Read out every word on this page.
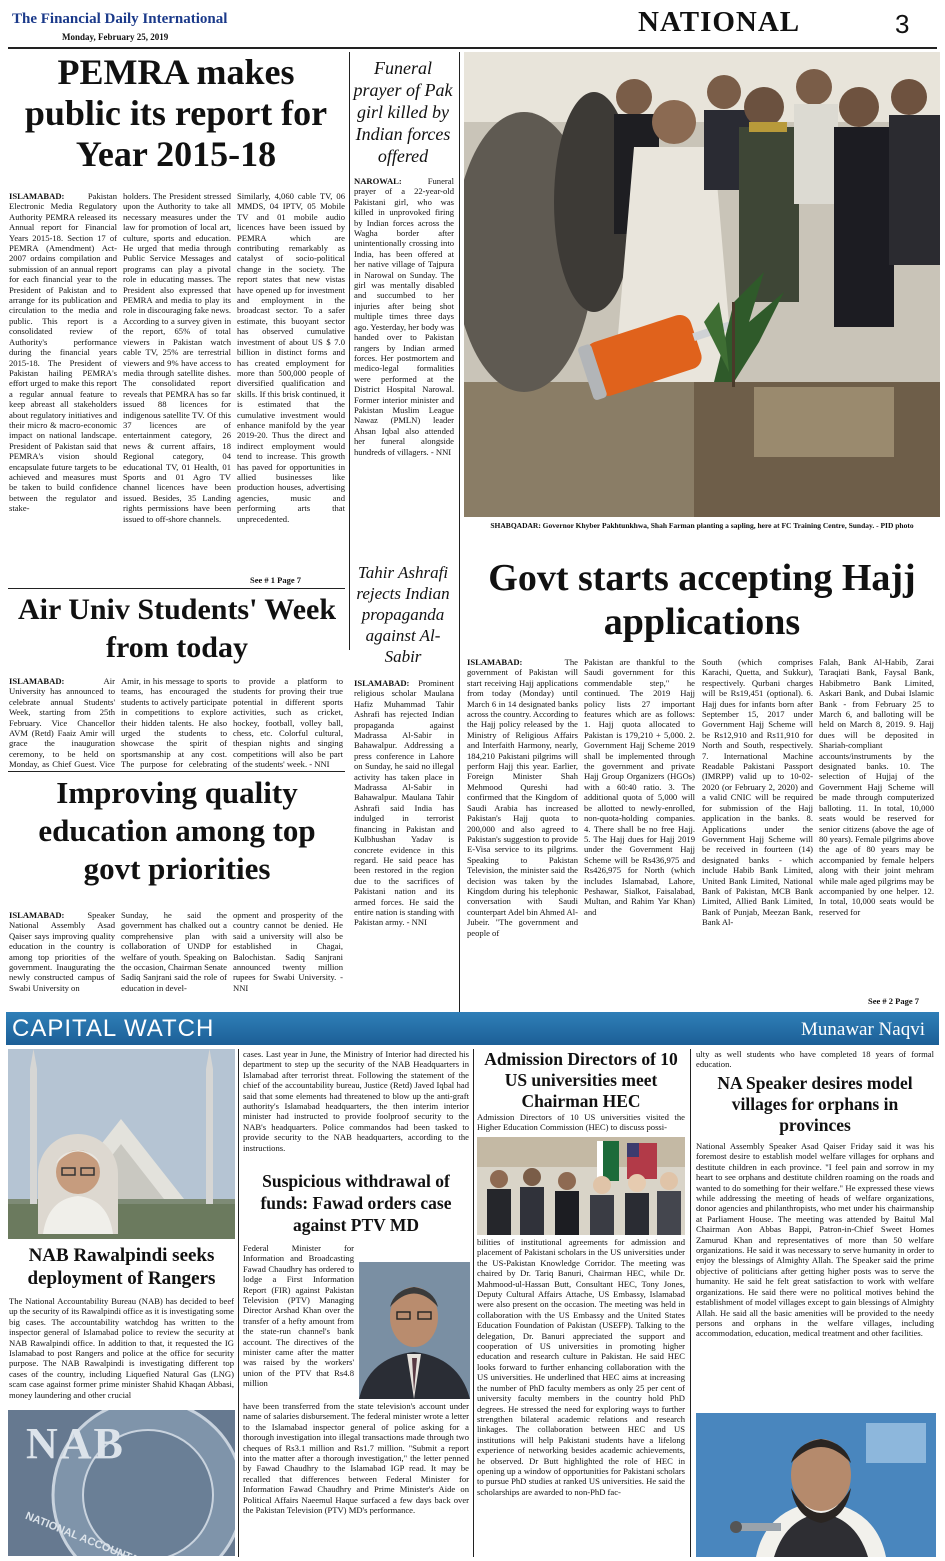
The Financial Daily International
Monday, February 25, 2019	NATIONAL	3
PEMRA makes public its report for Year 2015-18

ISLAMABAD:	Pakistan Electronic Media Regulatory Authority PEMRA released its Annual report for Financial Years 2015-18. Section 17 of PEMRA (Amendment) Act-2007 ordains compilation and submission of an annual report for each financial year to the President of Pakistan and to arrange for its publication and circulation to the media and public. This report is a consolidated review of Authority's performance during the financial years 2015-18. The President of Pakistan hailing PEMRA's effort urged to make this report a regular annual feature to keep abreast all stakeholders about regulatory initiatives and their micro & macro-economic impact on national landscape. President of Pakistan said that PEMRA's vision should encapsulate future targets to be achieved and measures must be taken to build confidence between the regulator and stake-

holders. The President stressed upon the Authority to take all necessary measures under the law for promotion of local art, culture, sports and education. He urged that media through Public Service Messages and programs can play a pivotal role in educating masses. The President also expressed that PEMRA and media to play its role in discouraging fake news. According to a survey given in the report, 65% of total viewers in Pakistan watch cable TV, 25% are terrestrial viewers and 9% have access to media through satellite dishes. The consolidated report reveals that PEMRA has so far issued 88 licences for indigenous satellite TV. Of this 37 licences are of entertainment category, 26 news & current affairs, 18 Regional category, 04 educational TV, 01 Health, 01 Sports and 01 Agro TV channel licences have been issued. Besides, 35 Landing rights permissions have been issued to off-shore channels.

Similarly, 4,060 cable TV, 06 MMDS, 04 IPTV, 05 Mobile TV and 01 mobile audio licences have been issued by PEMRA which are contributing remarkably as catalyst of socio-political change in the society. The report states that new vistas have opened up for investment and employment in the broadcast sector. To a safer estimate, this buoyant sector has observed cumulative investment of about US $ 7.0 billion in distinct forms and has created employment for more than 500,000 people of diversified qualification and skills. If this brisk continued, it is estimated that the cumulative investment would enhance manifold by the year 2019-20. Thus the direct and indirect employment would tend to increase. This growth has paved for opportunities in allied businesses like production houses, advertising agencies, music and performing arts that unprecedented.

See # 1 Page 7
Funeral prayer of Pak girl killed by Indian forces offered

NAROWAL:	Funeral prayer of a 22-year-old Pakistani girl, who was killed in unprovoked firing by Indian forces across the Wagha border after unintentionally crossing into India, has been offered at her native village of Tajpura in Narowal on Sunday. The girl was mentally disabled and succumbed to her injuries after being shot multiple times three days ago. Yesterday, her body was handed over to Pakistan rangers by Indian armed forces. Her postmortem and medico-legal formalities were performed at the District Hospital Narowal. Former interior minister and Pakistan Muslim League Nawaz (PMLN) leader Ahsan Iqbal also attended her funeral alongside hundreds of villagers. - NNI

SHABQADAR: Governor Khyber Pakhtunkhwa, Shah Farman planting a sapling, here at FC Training Centre, Sunday. - PID photo
Air Univ Students' Week from today

ISLAMABAD:	Air University has announced to celebrate annual Students' Week, starting from 25th February. Vice Chancellor AVM (Retd) Faaiz Amir will grace the inauguration ceremony, to be held on Monday, as Chief Guest. Vice

Amir, in his message to sports teams, has encouraged the students to actively participate in competitions to explore their hidden talents. He also urged the students to showcase the spirit of sportsmanship at any cost. The purpose for celebrating

to provide a platform to students for proving their true potential in different sports activities, such as cricket, hockey, football, volley ball, chess, etc. Colorful cultural, thespian nights and singing competitions will also be part of the students' week. - NNI

Tahir Ashrafi rejects Indian propaganda against Al-Sabir

ISLAMABAD: Prominent religious scholar Maulana Hafiz Muhammad Tahir Ashrafi has rejected Indian propaganda against Madrassa Al-Sabir in Bahawalpur. Addressing a press conference in Lahore on Sunday, he said no illegal activity has taken place in Madrassa Al-Sabir in Bahawalpur. Maulana Tahir Ashrafi said India has indulged in terrorist financing in Pakistan and Kulbhushan Yadav is concrete evidence in this regard. He said peace has been restored in the region due to the sacrifices of Pakistani nation and its armed forces. He said the entire nation is standing with Pakistan army. - NNI

Govt starts accepting Hajj applications

ISLAMABAD:	The government of Pakistan will start receiving Hajj applications from today (Monday) until March 6 in 14 designated banks across the country. According to the Hajj policy released by the Ministry of Religious Affairs and Interfaith Harmony, nearly, 184,210 Pakistani pilgrims will perform Hajj this year. Earlier, Foreign Minister Shah Mehmood Qureshi had confirmed that the Kingdom of Saudi Arabia has increased Pakistan's Hajj quota to 200,000 and also agreed to Pakistan's suggestion to provide E-Visa service to its pilgrims. Speaking to Pakistan Television, the minister said the decision was taken by the Kingdom during his telephonic conversation with Saudi counterpart Adel bin Ahmed Al-Jubeir. "The government and people of

Pakistan are thankful to the Saudi government for this commendable step," he continued. The 2019 Hajj policy lists 27 important features which are as follows: 1. Hajj quota allocated to Pakistan is 179,210 + 5,000. 2. Government Hajj Scheme 2019 shall be implemented through the government and private Hajj Group Organizers (HGOs) with a 60:40 ratio. 3. The additional quota of 5,000 will be allotted to newly-enrolled, non-quota-holding companies. 4. There shall be no free Hajj. 5. The Hajj dues for Hajj 2019 under the Government Hajj Scheme will be Rs436,975 and Rs426,975 for North (which includes Islamabad, Lahore, Peshawar, Sialkot, Faisalabad, Multan, and Rahim Yar Khan) and

South (which comprises Karachi, Quetta, and Sukkur), respectively. Qurbani charges will be Rs19,451 (optional). 6. Hajj dues for infants born after September 15, 2017 under Government Hajj Scheme will be Rs12,910 and Rs11,910 for North and South, respectively. 7. International Machine Readable Pakistani Passport (IMRPP) valid up to 10-02-2020 (or February 2, 2020) and a valid CNIC will be required for submission of the Hajj application in the banks. 8. Applications under the Government Hajj Scheme will be received in fourteen (14) designated banks - which include Habib Bank Limited, United Bank Limited, National Bank of Pakistan, MCB Bank Limited, Allied Bank Limited, Bank of Punjab, Meezan Bank, Bank Al-

Falah, Bank Al-Habib, Zarai Taraqiati Bank, Faysal Bank, Habibmetro Bank Limited, Askari Bank, and Dubai Islamic Bank - from February 25 to March 6, and balloting will be held on March 8, 2019. 9. Hajj dues will be deposited in Shariah-compliant accounts/instruments by the designated banks. 10. The selection of Hujjaj of the Government Hajj Scheme will be made through computerized balloting. 11. In total, 10,000 seats would be reserved for senior citizens (above the age of 80 years). Female pilgrims above the age of 80 years may be accompanied by female helpers along with their joint mehram while male aged pilgrims may be accompanied by one helper. 12. In total, 10,000 seats would be reserved for

See # 2 Page 7
Improving quality education among top govt priorities

ISLAMABAD:	Speaker National Assembly Asad Qaiser says improving quality education in the country is among top priorities of the government. Inaugurating the newly constructed campus of Swabi University on

Sunday, he said the government has chalked out a comprehensive plan with collaboration of UNDP for welfare of youth. Speaking on the occasion, Chairman Senate Sadiq Sanjrani said the role of education in devel-

opment and prosperity of the country cannot be denied. He said a university will also be established in Chagai, Balochistan. Sadiq Sanjrani announced twenty million rupees for Swabi University. - NNI

CAPITAL WATCH	Munawar Naqvi
NAB Rawalpindi seeks deployment of Rangers

The National Accountability Bureau (NAB) has decided to beef up the security of its Rawalpindi office as it is investigating some big cases. The accountability watchdog has written to the inspector general of Islamabad police to review the security at NAB Rawalpindi office. In addition to that, it requested the IG Islamabad to post Rangers and police at the office for security purpose. The NAB Rawalpindi is investigating different top cases of the country, including Liquefied Natural Gas (LNG) scam case against former prime minister Shahid Khaqan Abbasi, money laundering and other crucial

NAB
NATIONAL

cases. Last year in June, the Ministry of Interior had directed his department to step up the security of the NAB Headquarters in Islamabad after terrorist threat. Following the statement of the chief of the accountability bureau, Justice (Retd) Javed Iqbal had said that some elements had threatened to blow up the anti-graft authority's Islamabad headquarters, the then interim interior minister had instructed to provide foolproof security to the NAB's headquarters. Police commandos had been tasked to provide security to the NAB headquarters, according to the instructions.

Suspicious withdrawal of funds: Fawad orders case against PTV MD

Federal Minister for Information and Broadcasting Fawad Chaudhry has ordered to lodge a First Information Report (FIR) against Pakistan Television (PTV) Managing Director Arshad Khan over the transfer of a hefty amount from the state-run channel's bank account. The directives of the minister came after the matter was raised by the workers' union of the PTV that Rs4.8 million

have been transferred from the state television's account under name of salaries disbursement. The federal minister wrote a letter to the Islamabad inspector general of police asking for a thorough investigation into illegal transactions made through two cheques of Rs3.1 million and Rs1.7 million. "Submit a report into the matter after a thorough investigation," the letter penned by Fawad Chaudhry to the Islamabad IGP read. It may be recalled that differences between Federal Minister for Information Fawad Chaudhry and Prime Minister's Aide on Political Affairs Naeemul Haque surfaced a few days back over the Pakistan Television (PTV) MD's performance.

Admission Directors of 10 US universities meet Chairman HEC

Admission Directors of 10 US universities visited the Higher Education Commission (HEC) to discuss possi-

bilities of institutional agreements for admission and placement of Pakistani scholars in the US universities under the US-Pakistan Knowledge Corridor. The meeting was chaired by Dr. Tariq Banuri, Chairman HEC, while Dr. Mahmood-ul-Hassan Butt, Consultant HEC, Tony Jones, Deputy Cultural Affairs Attache, US Embassy, Islamabad were also present on the occasion. The meeting was held in collaboration with the US Embassy and the United States Education Foundation of Pakistan (USEFP). Talking to the delegation, Dr. Banuri appreciated the support and cooperation of US universities in promoting higher education and research culture in Pakistan. He said HEC looks forward to further enhancing collaboration with the US universities. He underlined that HEC aims at increasing the number of PhD faculty members as only 25 per cent of university faculty members in the country hold PhD degrees. He stressed the need for exploring ways to further strengthen bilateral academic relations and research linkages. The collaboration between HEC and US institutions will help Pakistani students have a lifelong experience of networking besides academic achievements, he observed. Dr Butt highlighted the role of HEC in opening up a window of opportunities for Pakistani scholars to pursue PhD studies at ranked US universities. He said the scholarships are awarded to non-PhD fac-

ulty as well students who have completed 18 years of formal education.

NA Speaker desires model villages for orphans in provinces

National Assembly Speaker Asad Qaiser Friday said it was his foremost desire to establish model welfare villages for orphans and destitute children in each province. "I feel pain and sorrow in my heart to see orphans and destitute children roaming on the roads and wanted to do something for their welfare." He expressed these views while addressing the meeting of heads of welfare organizations, donor agencies and philanthropists, who met under his chairmanship at Parliament House. The meeting was attended by Baitul Mal Chairman Aon Abbas Bappi, Patron-in-Chief Sweet Homes Zamurud Khan and representatives of more than 50 welfare organizations. He said it was necessary to serve humanity in order to enjoy the blessings of Almighty Allah. The Speaker said the prime objective of politicians after getting higher posts was to serve the humanity. He said he felt great satisfaction to work with welfare organizations. He said there were no political motives behind the establishment of model villages except to gain blessings of Almighty Allah. He said all the basic amenities will be provided to the needy persons and orphans in the welfare villages, including accommodation, education, medical treatment and other facilities.
